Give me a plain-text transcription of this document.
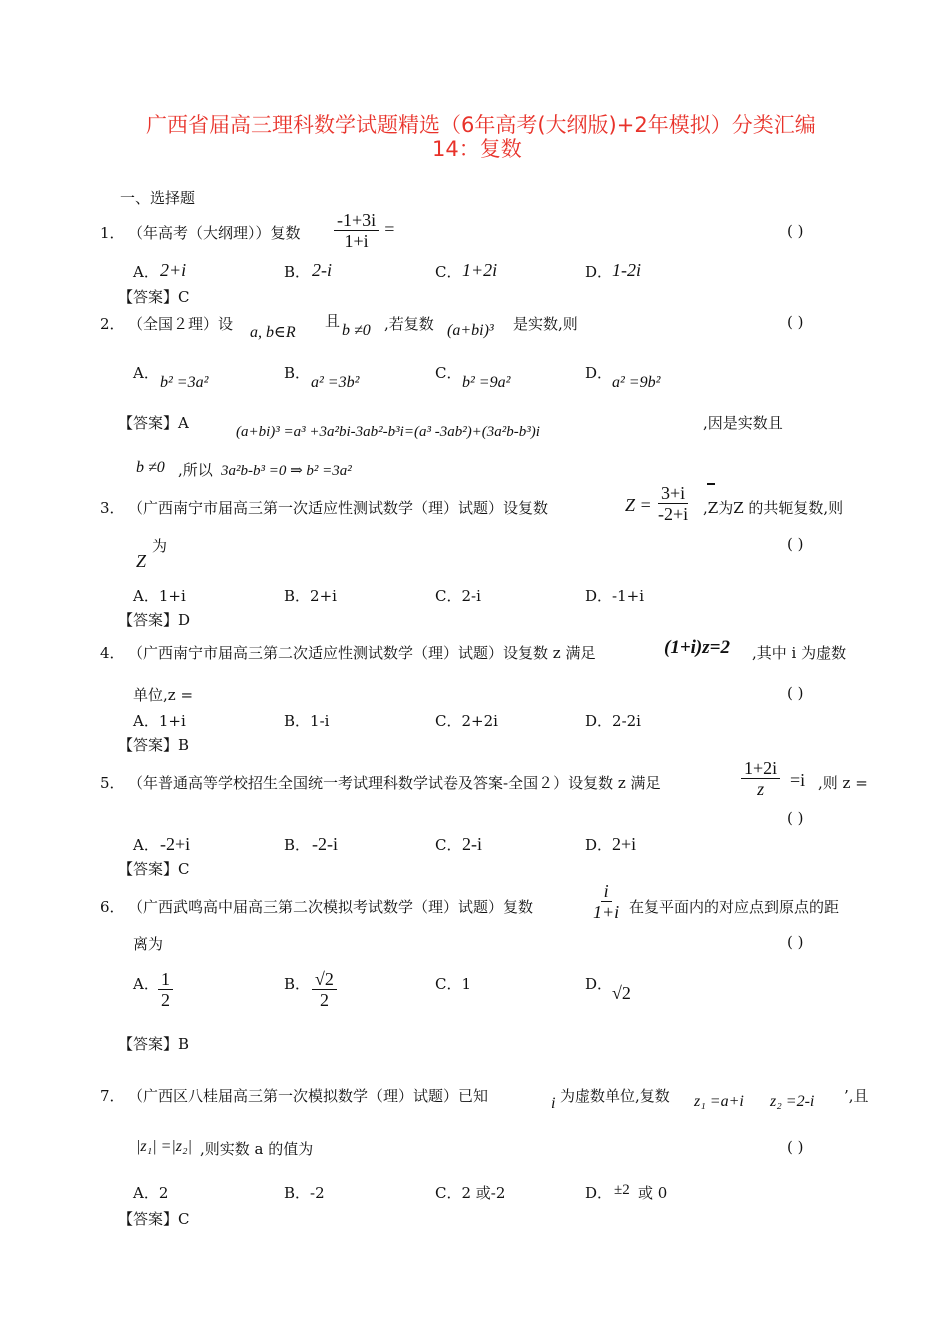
广西省届高三理科数学试题精选（6年高考(大纲版)+2年模拟）分类汇编
14：复数
一、选择题
1． （年高考（大纲理））复数 $\frac{-1+3i}{1+i}$ =	( )
A． 2+i	B． 2-i	C． 1+2i	D． 1-2i
【答案】C
2． （全国２理）设 a, b∈R
且
b ≠0 ,若复数 (a+bi)³ 是实数,则	( )
A．
b² =3a²
B．
a² =3b²
C．
b² =9a²
D．
a² =9b²
【答案】A	(a+bi)³ =a³ +3a²bi-3ab²-b³i=(a³ -3ab²)+(3a²b-b³)i	,因是实数且
b ≠0 ,所以 3a²b-b³ =0 ⇒ b² =3a²
3． （广西南宁市届高三第一次适应性测试数学（理）试题）设复数	$Z = \frac{3+i}{-2+i} ,Z$为Z 的共轭复数,则
Z
为	( )
A．1+i	B．2+i	C．2-i	D．-1+i
【答案】D
4． （广西南宁市届高三第二次适应性测试数学（理）试题）设复数 z 满足	(1+i)z=2 ,其中 i 为虚数
单位,z =	( )
A．1+i	B．1-i	C．2+2i	D．2-2i
【答案】B
5． （年普通高等学校招生全国统一考试理科数学试卷及答案-全国２）设复数 z 满足	$\frac{1+2i}{z} =i$ ,则 z =
( )
A． -2+i	B． -2-i	C． 2-i	D． 2+i
【答案】C
6． （广西武鸣高中届高三第二次模拟考试数学（理）试题）复数	$\frac{i}{1+i}$ 在复平面内的对应点到原点的距
离为	( )
A． $\frac{1}{2}$	B． $\frac{√2}{2}$	C．1	D． √2
【答案】B
7． （广西区八桂届高三第一次模拟数学（理）试题）已知	i 为虚数单位,复数 z₁ =a+i z₂ =2-i ’,且
|z₁| =|z₂| ,则实数 a 的值为	( )
A．2	B．-2	C．2 或-2	D． ±2 或 0
【答案】C
